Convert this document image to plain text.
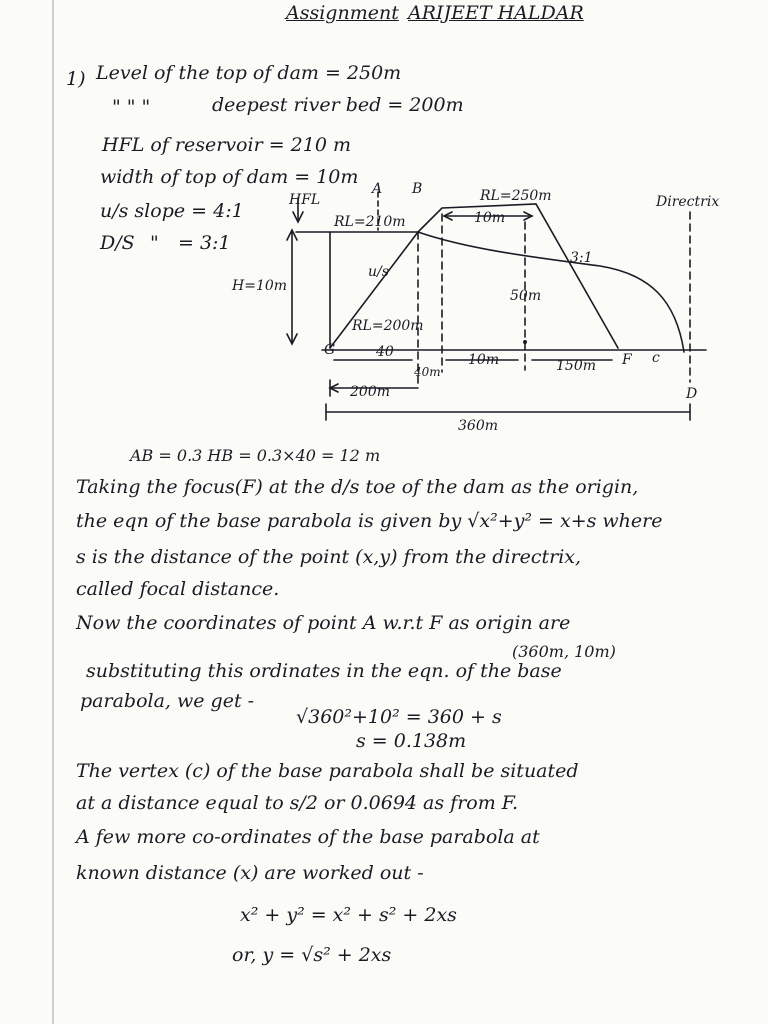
Assignment ARIJEET HALDAR
1) Level of the top of dam = 250m
" " "	deepest river bed = 200m
HFL of reservoir = 210 m
width of top of dam = 10m
u/s slope = 4:1
D/S " = 3:1
HFL
A B
RL=210m
RL=250m
10m
Directrix
3:1
H=10m
u/s
50m
RL=200m
G	40	10m	150m F c
40m
200m
360m
D
AB = 0.3 HB = 0.3×40 = 12 m
Taking the focus(F) at the d/s toe of the dam as the origin,
the eqn of the base parabola is given by √x²+y² = x+s where
s is the distance of the point (x,y) from the directrix,
called focal distance.
Now the coordinates of point A w.r.t F as origin are
(360m, 10m)
substituting this ordinates in the eqn. of the base
parabola, we get -
√360²+10² = 360 + s
s = 0.138m
The vertex (c) of the base parabola shall be situated
at a distance equal to s/2 or 0.0694 as from F.
A few more co-ordinates of the base parabola at
known distance (x) are worked out -
x² + y² = x² + s² + 2xs
or, y = √s² + 2xs
